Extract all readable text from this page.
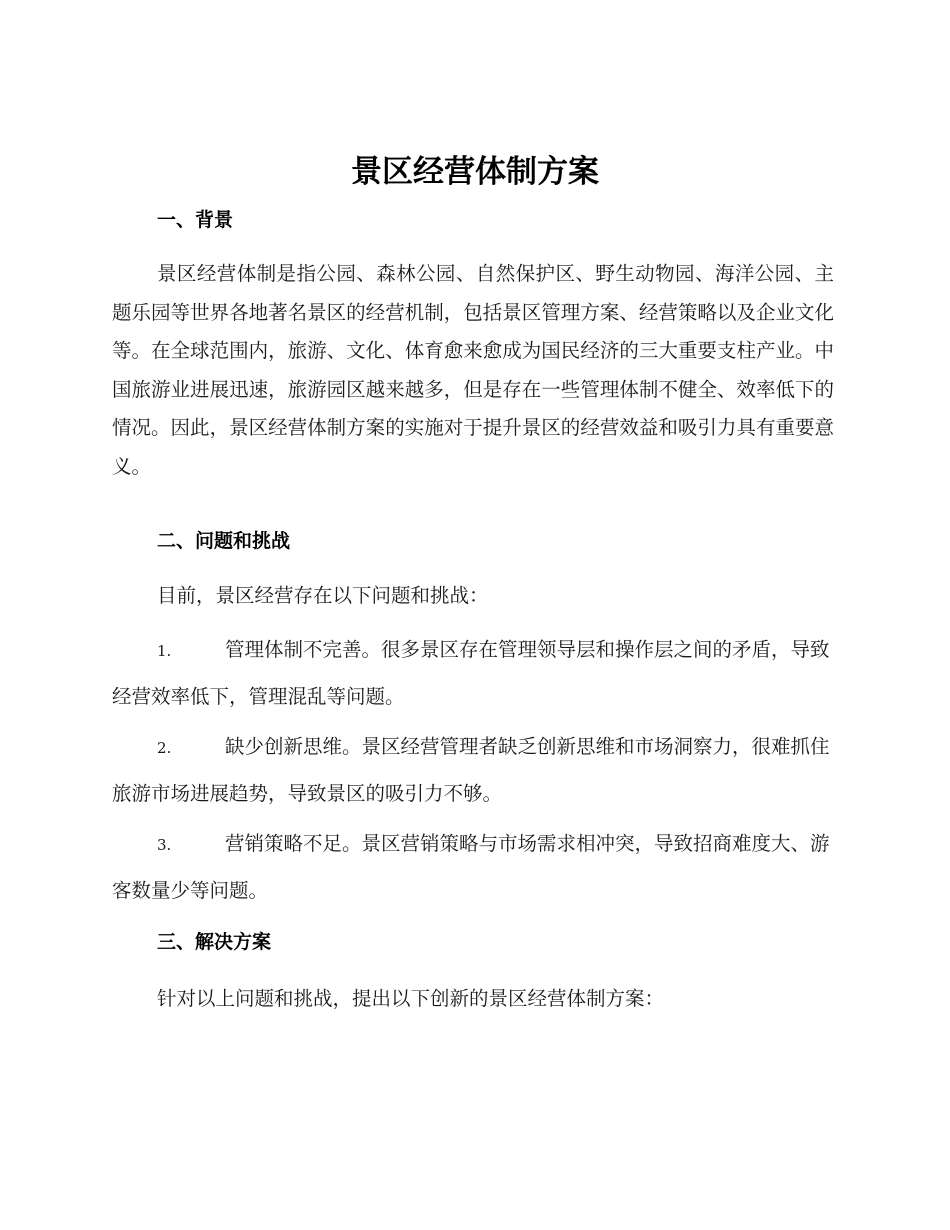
景区经营体制方案
一、背景

景区经营体制是指公园、森林公园、自然保护区、野生动物园、海洋公园、主题乐园等世界各地著名景区的经营机制，包括景区管理方案、经营策略以及企业文化等。在全球范围内，旅游、文化、体育愈来愈成为国民经济的三大重要支柱产业。中国旅游业进展迅速，旅游园区越来越多，但是存在一些管理体制不健全、效率低下的情况。因此，景区经营体制方案的实施对于提升景区的经营效益和吸引力具有重要意义。

二、问题和挑战

目前，景区经营存在以下问题和挑战：

1.	管理体制不完善。很多景区存在管理领导层和操作层之间的矛盾，导致经营效率低下，管理混乱等问题。
2.	缺少创新思维。景区经营管理者缺乏创新思维和市场洞察力，很难抓住旅游市场进展趋势，导致景区的吸引力不够。
3.	营销策略不足。景区营销策略与市场需求相冲突，导致招商难度大、游客数量少等问题。
三、解决方案

针对以上问题和挑战，提出以下创新的景区经营体制方案：
